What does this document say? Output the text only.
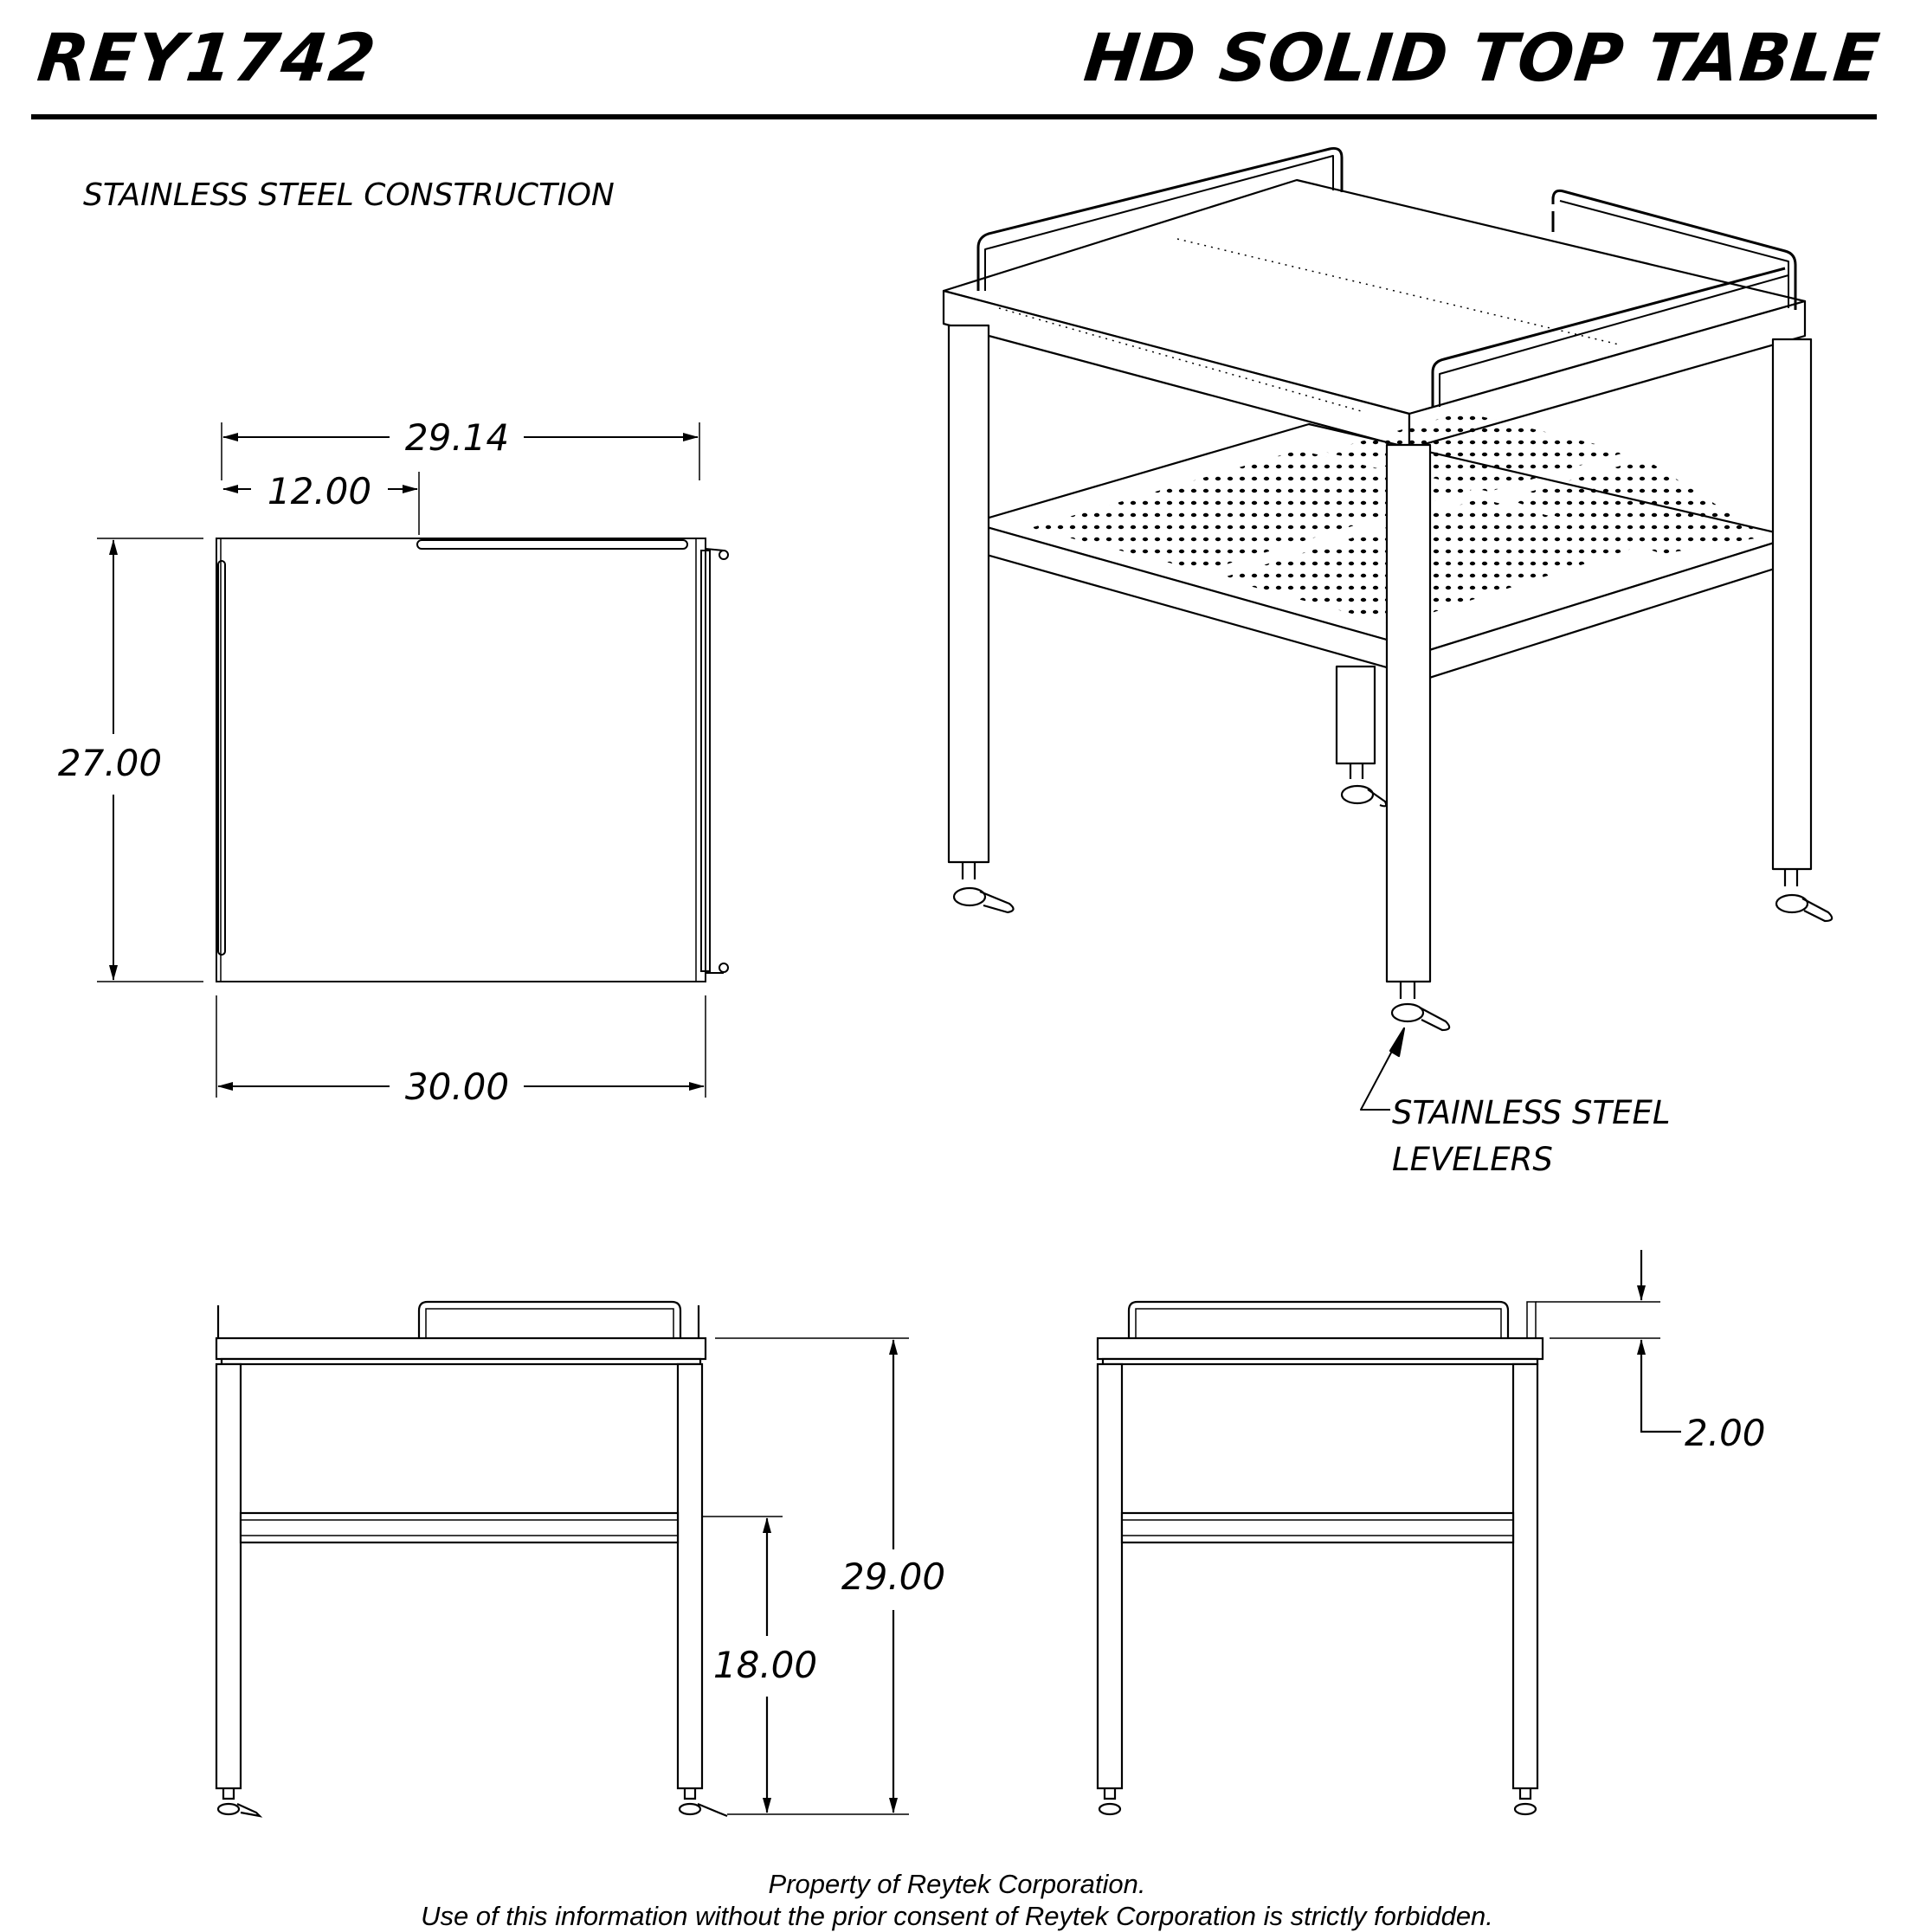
REY1742	HD SOLID TOP TABLE
STAINLESS STEEL CONSTRUCTION
29.14
12.00
27.00
30.00
STAINLESS STEEL
LEVELERS
29.00
18.00
2.00
Property of Reytek Corporation.
Use of this information without the prior consent of Reytek Corporation is strictly forbidden.
